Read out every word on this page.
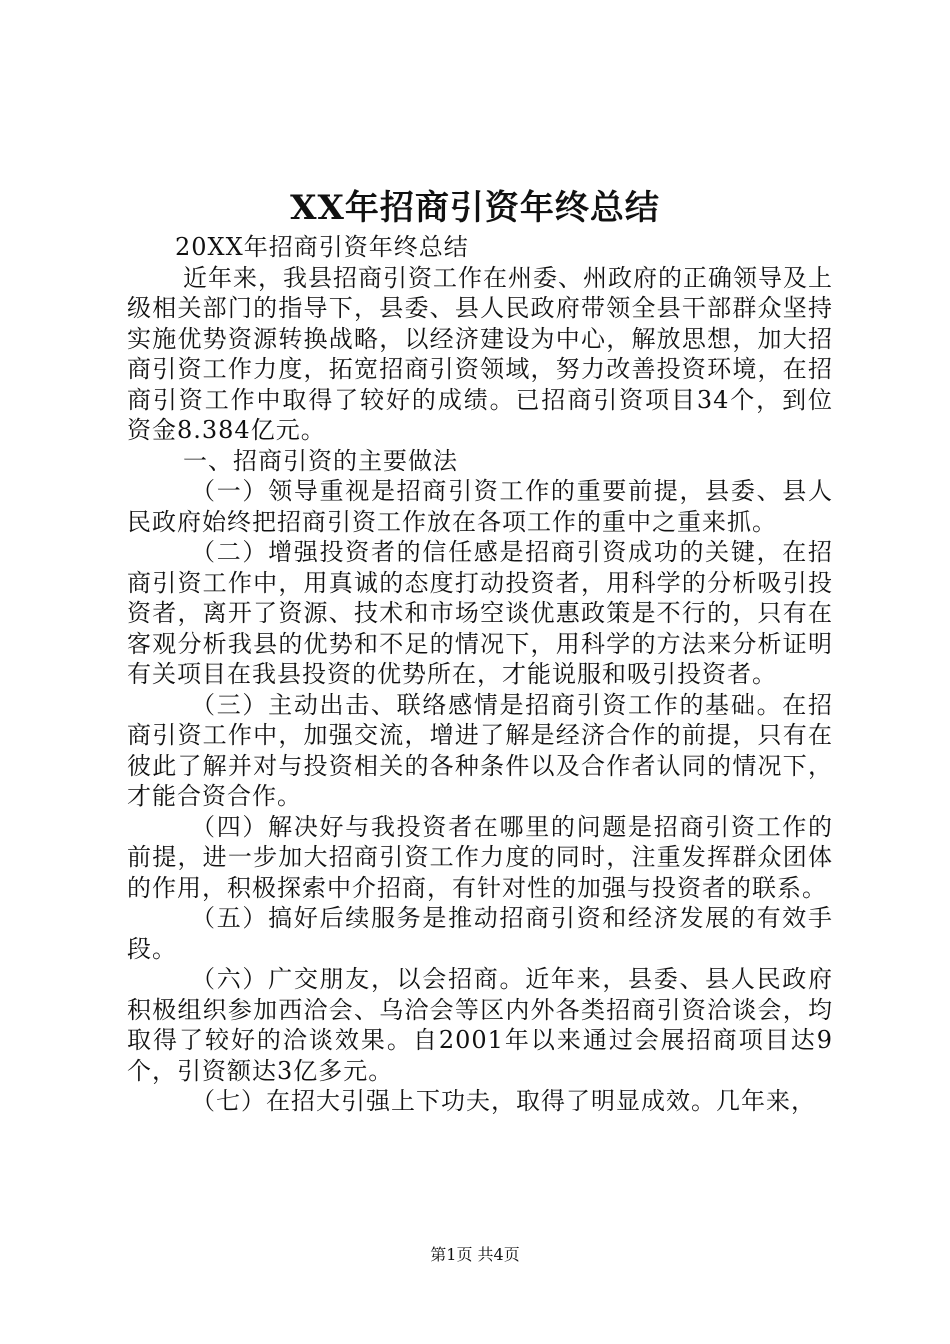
XX年招商引资年终总结

20XX年招商引资年终总结

近年来，我县招商引资工作在州委、州政府的正确领导及上级相关部门的指导下，县委、县人民政府带领全县干部群众坚持实施优势资源转换战略，以经济建设为中心，解放思想，加大招商引资工作力度，拓宽招商引资领域，努力改善投资环境，在招商引资工作中取得了较好的成绩。已招商引资项目34个，到位资金8.384亿元。

一、招商引资的主要做法

（一）领导重视是招商引资工作的重要前提，县委、县人民政府始终把招商引资工作放在各项工作的重中之重来抓。

（二）增强投资者的信任感是招商引资成功的关键，在招商引资工作中，用真诚的态度打动投资者，用科学的分析吸引投资者，离开了资源、技术和市场空谈优惠政策是不行的，只有在客观分析我县的优势和不足的情况下，用科学的方法来分析证明有关项目在我县投资的优势所在，才能说服和吸引投资者。

（三）主动出击、联络感情是招商引资工作的基础。在招商引资工作中，加强交流，增进了解是经济合作的前提，只有在彼此了解并对与投资相关的各种条件以及合作者认同的情况下，才能合资合作。

（四）解决好与我投资者在哪里的问题是招商引资工作的前提，进一步加大招商引资工作力度的同时，注重发挥群众团体的作用，积极探索中介招商，有针对性的加强与投资者的联系。

（五）搞好后续服务是推动招商引资和经济发展的有效手段。

（六）广交朋友，以会招商。近年来，县委、县人民政府积极组织参加西洽会、乌洽会等区内外各类招商引资洽谈会，均取得了较好的洽谈效果。自2001年以来通过会展招商项目达9个，引资额达3亿多元。

（七）在招大引强上下功夫，取得了明显成效。几年来，

第1页 共4页
